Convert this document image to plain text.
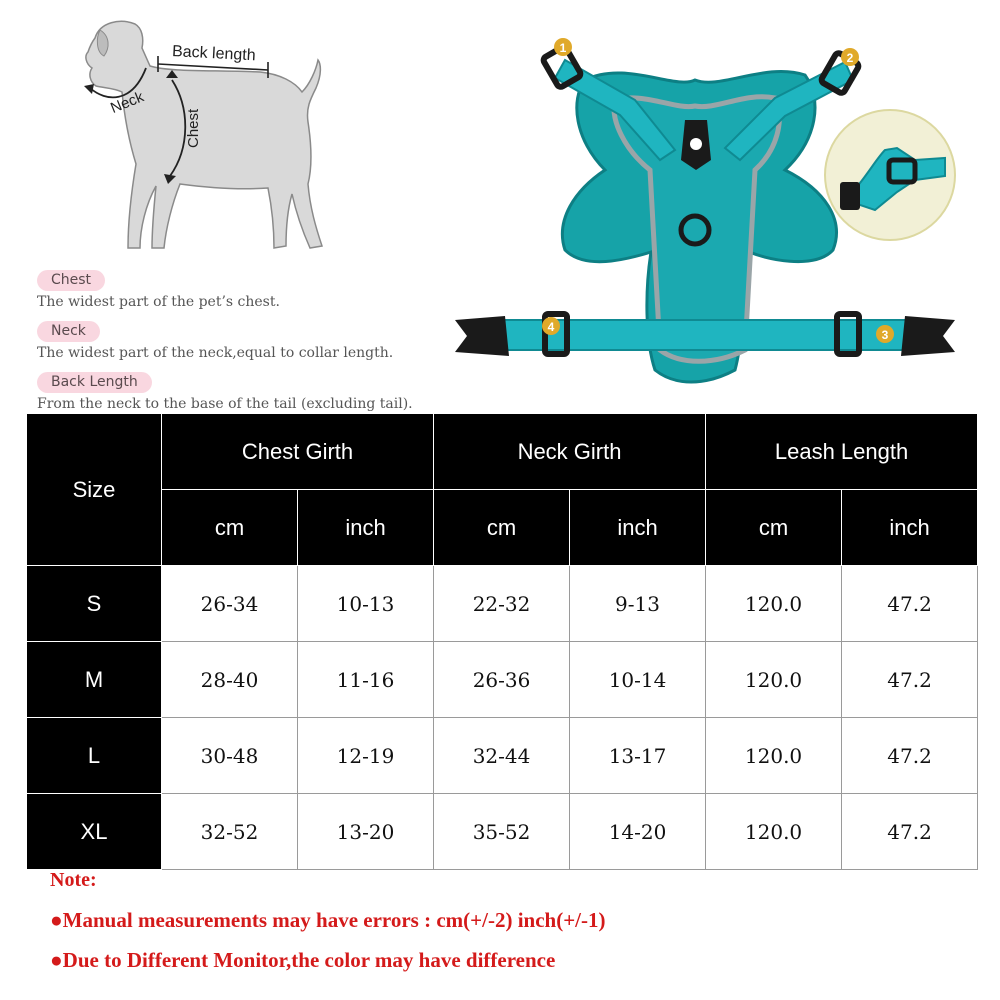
Back length
Neck
Chest
Chest
The widest part of the pet’s chest.
Neck
The widest part of the neck,equal to collar length.
Back Length
From the neck to the base of the tail (excluding tail).
1
2
3
4
Size	Chest Girth		Neck Girth		Leash Length	
	cm	inch	cm	inch	cm	inch
S	26-34	10-13	22-32	9-13	120.0	47.2
M	28-40	11-16	26-36	10-14	120.0	47.2
L	30-48	12-19	32-44	13-17	120.0	47.2
XL	32-52	13-20	35-52	14-20	120.0	47.2
Note:
●Manual measurements may have errors : cm(+/-2) inch(+/-1)
●Due to Different Monitor,the color may have difference
